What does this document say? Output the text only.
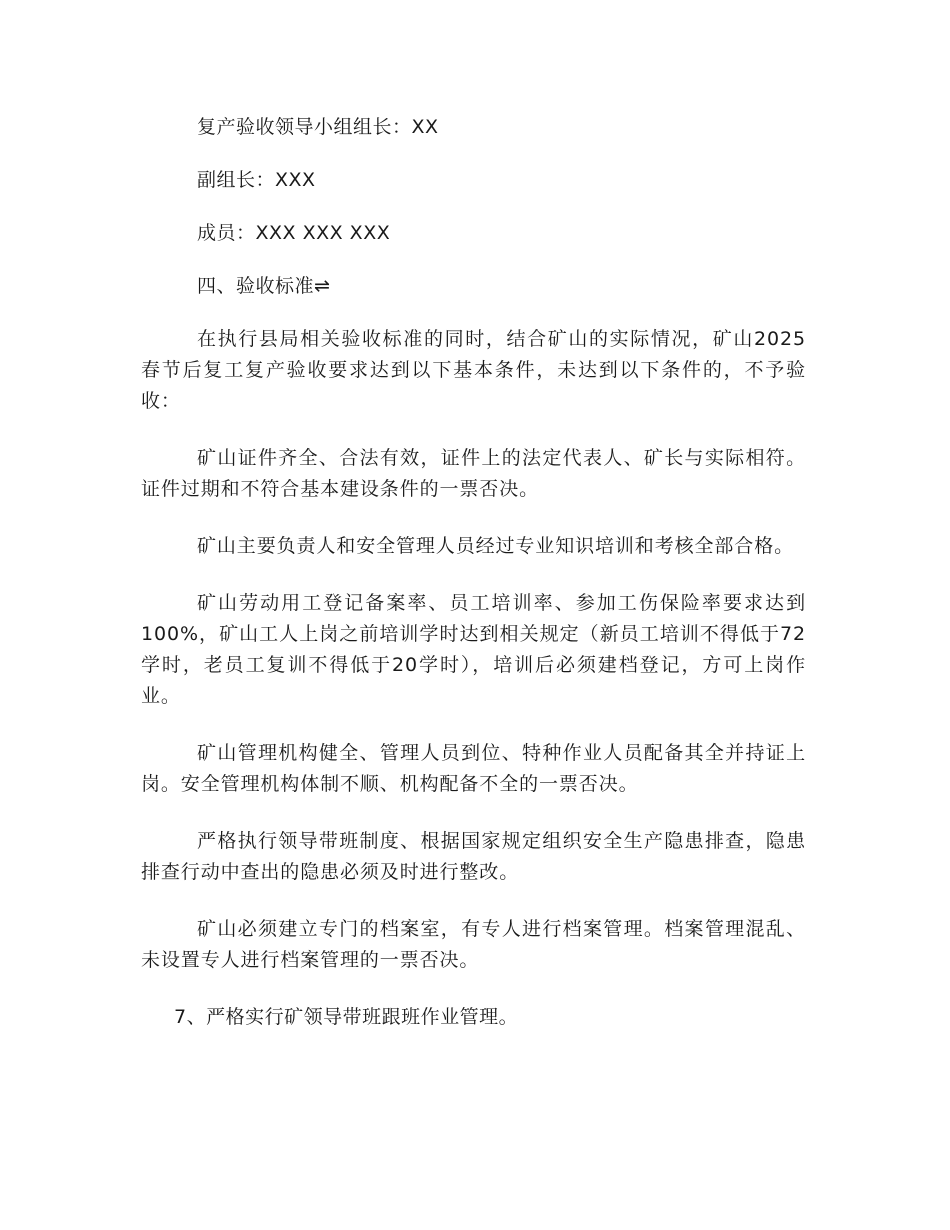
复产验收领导小组组长：XX
副组长：XXX
成员：XXX XXX XXX
四、验收标准⇌
在执行县局相关验收标准的同时，结合矿山的实际情况，矿山2025春节后复工复产验收要求达到以下基本条件，未达到以下条件的，不予验收：
矿山证件齐全、合法有效，证件上的法定代表人、矿长与实际相符。证件过期和不符合基本建设条件的一票否决。
矿山主要负责人和安全管理人员经过专业知识培训和考核全部合格。
矿山劳动用工登记备案率、员工培训率、参加工伤保险率要求达到100%，矿山工人上岗之前培训学时达到相关规定（新员工培训不得低于72学时，老员工复训不得低于20学时），培训后必须建档登记，方可上岗作业。
矿山管理机构健全、管理人员到位、特种作业人员配备其全并持证上岗。安全管理机构体制不顺、机构配备不全的一票否决。
严格执行领导带班制度、根据国家规定组织安全生产隐患排查，隐患排查行动中查出的隐患必须及时进行整改。
矿山必须建立专门的档案室，有专人进行档案管理。档案管理混乱、未设置专人进行档案管理的一票否决。
7、严格实行矿领导带班跟班作业管理。
